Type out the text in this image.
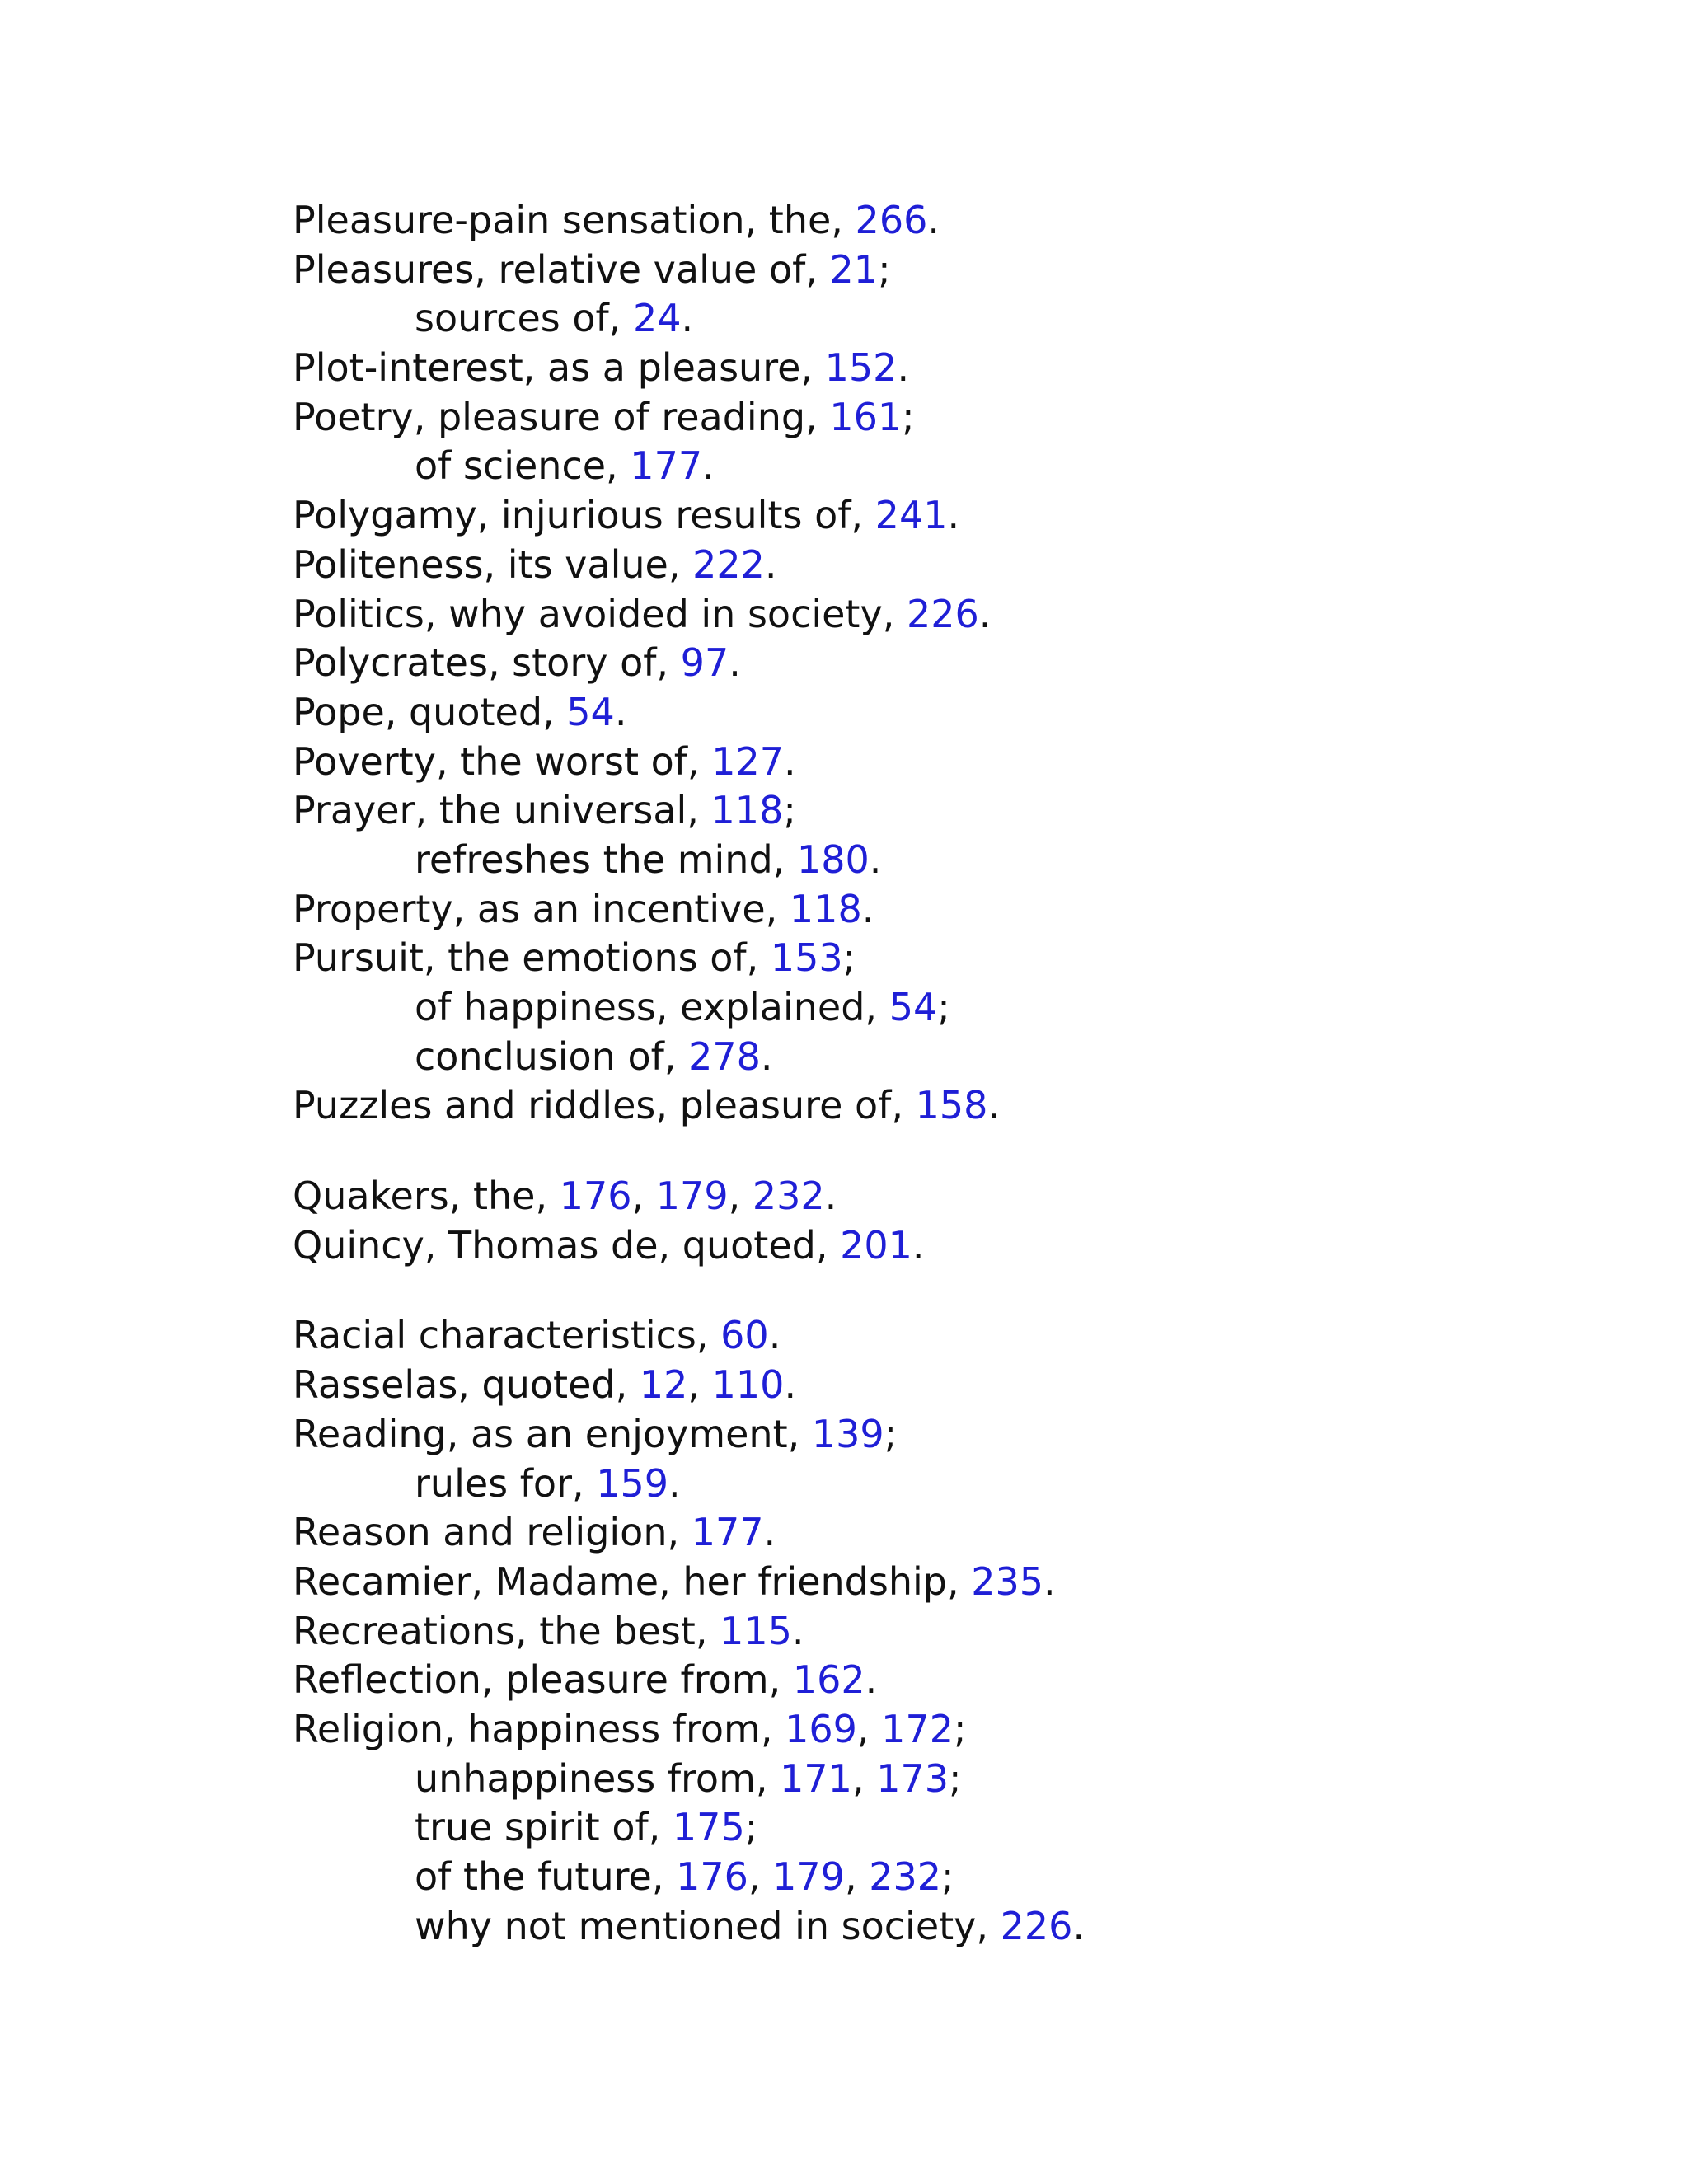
Pleasure-pain sensation, the, 266.
Pleasures, relative value of, 21;
sources of, 24.
Plot-interest, as a pleasure, 152.
Poetry, pleasure of reading, 161;
of science, 177.
Polygamy, injurious results of, 241.
Politeness, its value, 222.
Politics, why avoided in society, 226.
Polycrates, story of, 97.
Pope, quoted, 54.
Poverty, the worst of, 127.
Prayer, the universal, 118;
refreshes the mind, 180.
Property, as an incentive, 118.
Pursuit, the emotions of, 153;
of happiness, explained, 54;
conclusion of, 278.
Puzzles and riddles, pleasure of, 158.
Quakers, the, 176, 179, 232.
Quincy, Thomas de, quoted, 201.
Racial characteristics, 60.
Rasselas, quoted, 12, 110.
Reading, as an enjoyment, 139;
rules for, 159.
Reason and religion, 177.
Recamier, Madame, her friendship, 235.
Recreations, the best, 115.
Reflection, pleasure from, 162.
Religion, happiness from, 169, 172;
unhappiness from, 171, 173;
true spirit of, 175;
of the future, 176, 179, 232;
why not mentioned in society, 226.
